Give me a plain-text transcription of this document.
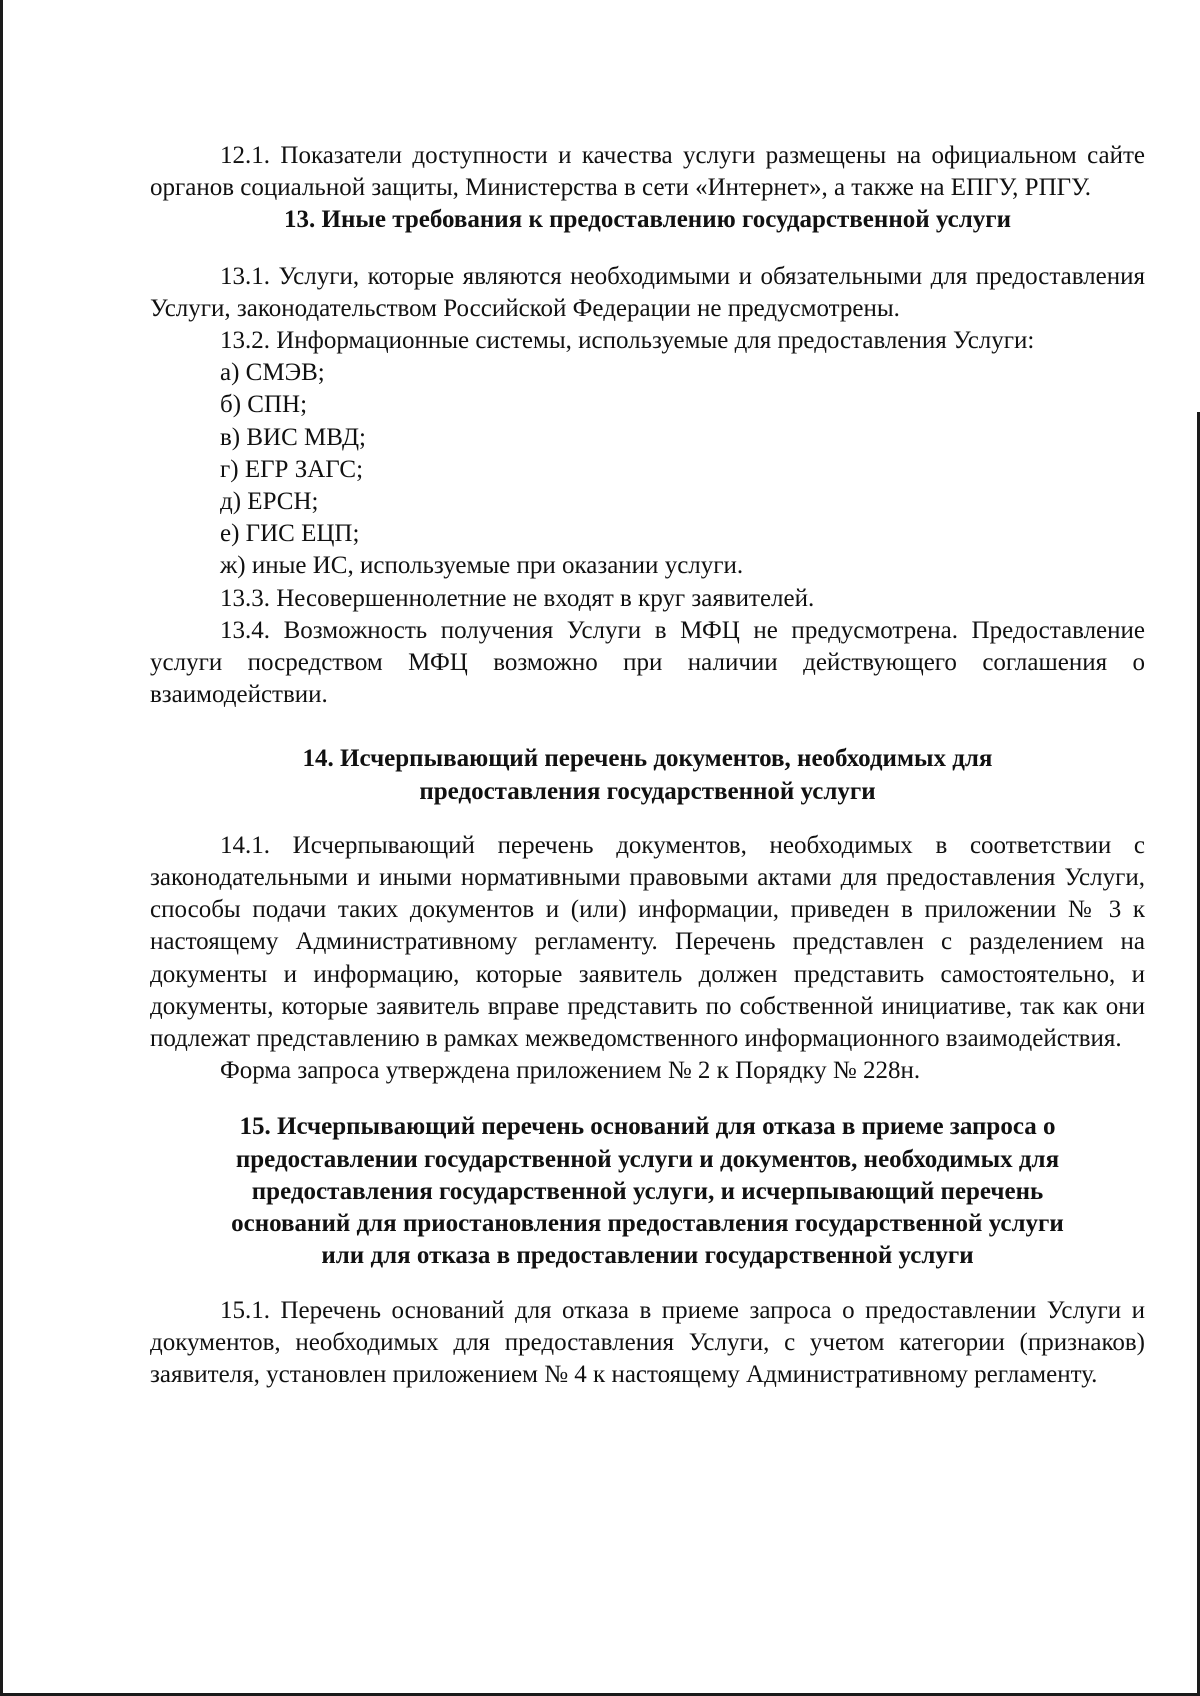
12.1. Показатели доступности и качества услуги размещены на официальном сайте органов социальной защиты, Министерства в сети «Интернет», а также на ЕПГУ, РПГУ.

13. Иные требования к предоставлению государственной услуги

13.1. Услуги, которые являются необходимыми и обязательными для предоставления Услуги, законодательством Российской Федерации не предусмотрены.

13.2. Информационные системы, используемые для предоставления Услуги:

а) СМЭВ;

б) СПН;

в) ВИС МВД;

г) ЕГР ЗАГС;

д) ЕРСН;

е) ГИС ЕЦП;

ж) иные ИС, используемые при оказании услуги.

13.3. Несовершеннолетние не входят в круг заявителей.

13.4. Возможность получения Услуги в МФЦ не предусмотрена. Предоставление услуги посредством МФЦ возможно при наличии действующего соглашения о взаимодействии.

14. Исчерпывающий перечень документов, необходимых для

предоставления государственной услуги

14.1. Исчерпывающий перечень документов, необходимых в соответствии с законодательными и иными нормативными правовыми актами для предоставления Услуги, способы подачи таких документов и (или) информации, приведен в приложении № 3 к настоящему Административному регламенту. Перечень представлен с разделением на документы и информацию, которые заявитель должен представить самостоятельно, и документы, которые заявитель вправе представить по собственной инициативе, так как они подлежат представлению в рамках межведомственного информационного взаимодействия.

Форма запроса утверждена приложением № 2 к Порядку № 228н.

15. Исчерпывающий перечень оснований для отказа в приеме запроса о

предоставлении государственной услуги и документов, необходимых для

предоставления государственной услуги, и исчерпывающий перечень

оснований для приостановления предоставления государственной услуги

или для отказа в предоставлении государственной услуги

15.1. Перечень оснований для отказа в приеме запроса о предоставлении Услуги и документов, необходимых для предоставления Услуги, с учетом категории (признаков) заявителя, установлен приложением № 4 к настоящему Административному регламенту.
